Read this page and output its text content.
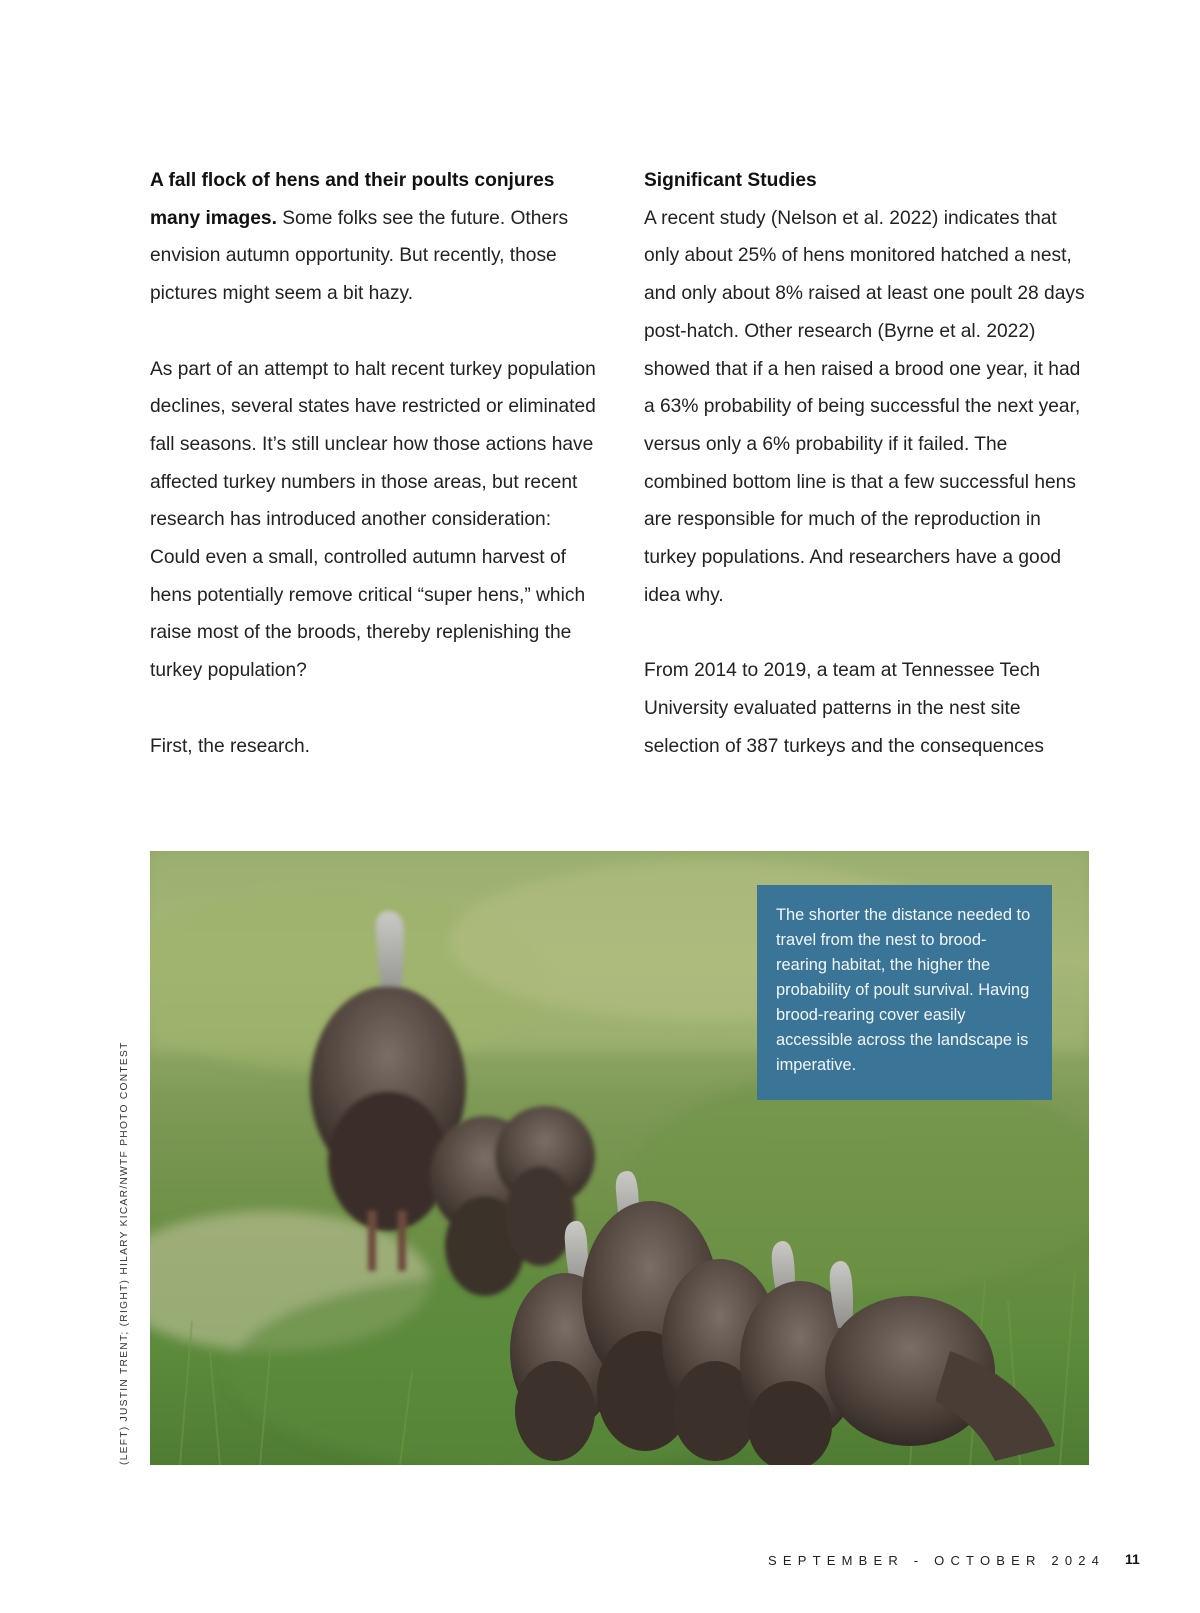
A fall flock of hens and their poults conjures many images. Some folks see the future. Others envision autumn opportunity. But recently, those pictures might seem a bit hazy.

As part of an attempt to halt recent turkey population declines, several states have restricted or eliminated fall seasons. It’s still unclear how those actions have affected turkey numbers in those areas, but recent research has introduced another consideration: Could even a small, controlled autumn harvest of hens potentially remove critical “super hens,” which raise most of the broods, thereby replenishing the turkey population?

First, the research.

Significant Studies

A recent study (Nelson et al. 2022) indicates that only about 25% of hens monitored hatched a nest, and only about 8% raised at least one poult 28 days post-hatch. Other research (Byrne et al. 2022) showed that if a hen raised a brood one year, it had a 63% probability of being successful the next year, versus only a 6% probability if it failed. The combined bottom line is that a few successful hens are responsible for much of the reproduction in turkey populations. And researchers have a good idea why.

From 2014 to 2019, a team at Tennessee Tech University evaluated patterns in the nest site selection of 387 turkeys and the consequences

The shorter the distance needed to travel from the nest to brood-rearing habitat, the higher the probability of poult survival. Having brood-rearing cover easily accessible across the landscape is imperative.
(LEFT) JUSTIN TRENT; (RIGHT) HILARY KICAR/NWTF PHOTO CONTEST
SEPTEMBER - OCTOBER 2024 11
